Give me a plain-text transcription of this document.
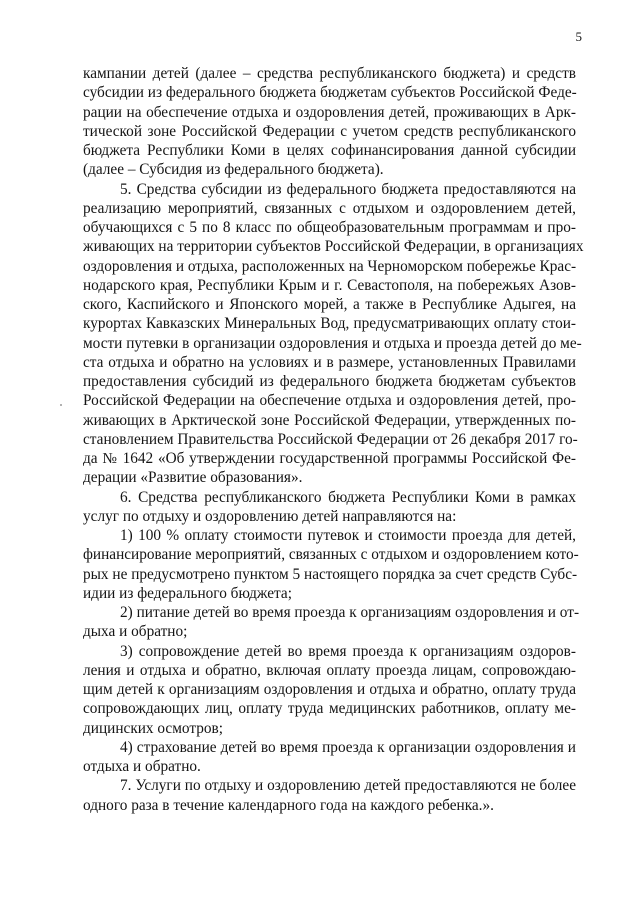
5
кампании детей (далее – средства республиканского бюджета) и средств
субсидии из федерального бюджета бюджетам субъектов Российской Феде-
рации на обеспечение отдыха и оздоровления детей, проживающих в Арк-
тической зоне Российской Федерации с учетом средств республиканского
бюджета Республики Коми в целях софинансирования данной субсидии
(далее – Субсидия из федерального бюджета).
5. Средства субсидии из федерального бюджета предоставляются на
реализацию мероприятий, связанных с отдыхом и оздоровлением детей,
обучающихся с 5 по 8 класс по общеобразовательным программам и про-
живающих на территории субъектов Российской Федерации, в организациях
оздоровления и отдыха, расположенных на Черноморском побережье Крас-
нодарского края, Республики Крым и г. Севастополя, на побережьях Азов-
ского, Каспийского и Японского морей, а также в Республике Адыгея, на
курортах Кавказских Минеральных Вод, предусматривающих оплату стои-
мости путевки в организации оздоровления и отдыха и проезда детей до ме-
ста отдыха и обратно на условиях и в размере, установленных Правилами
предоставления субсидий из федерального бюджета бюджетам субъектов
Российской Федерации на обеспечение отдыха и оздоровления детей, про-
живающих в Арктической зоне Российской Федерации, утвержденных по-
становлением Правительства Российской Федерации от 26 декабря 2017 го-
да № 1642 «Об утверждении государственной программы Российской Фе-
дерации «Развитие образования».
6. Средства республиканского бюджета Республики Коми в рамках
услуг по отдыху и оздоровлению детей направляются на:
1) 100 % оплату стоимости путевок и стоимости проезда для детей,
финансирование мероприятий, связанных с отдыхом и оздоровлением кото-
рых не предусмотрено пунктом 5 настоящего порядка за счет средств Субс-
идии из федерального бюджета;
2) питание детей во время проезда к организациям оздоровления и от-
дыха и обратно;
3) сопровождение детей во время проезда к организациям оздоров-
ления и отдыха и обратно, включая оплату проезда лицам, сопровождаю-
щим детей к организациям оздоровления и отдыха и обратно, оплату труда
сопровождающих лиц, оплату труда медицинских работников, оплату ме-
дицинских осмотров;
4) страхование детей во время проезда к организации оздоровления и
отдыха и обратно.
7. Услуги по отдыху и оздоровлению детей предоставляются не более
одного раза в течение календарного года на каждого ребенка.».
